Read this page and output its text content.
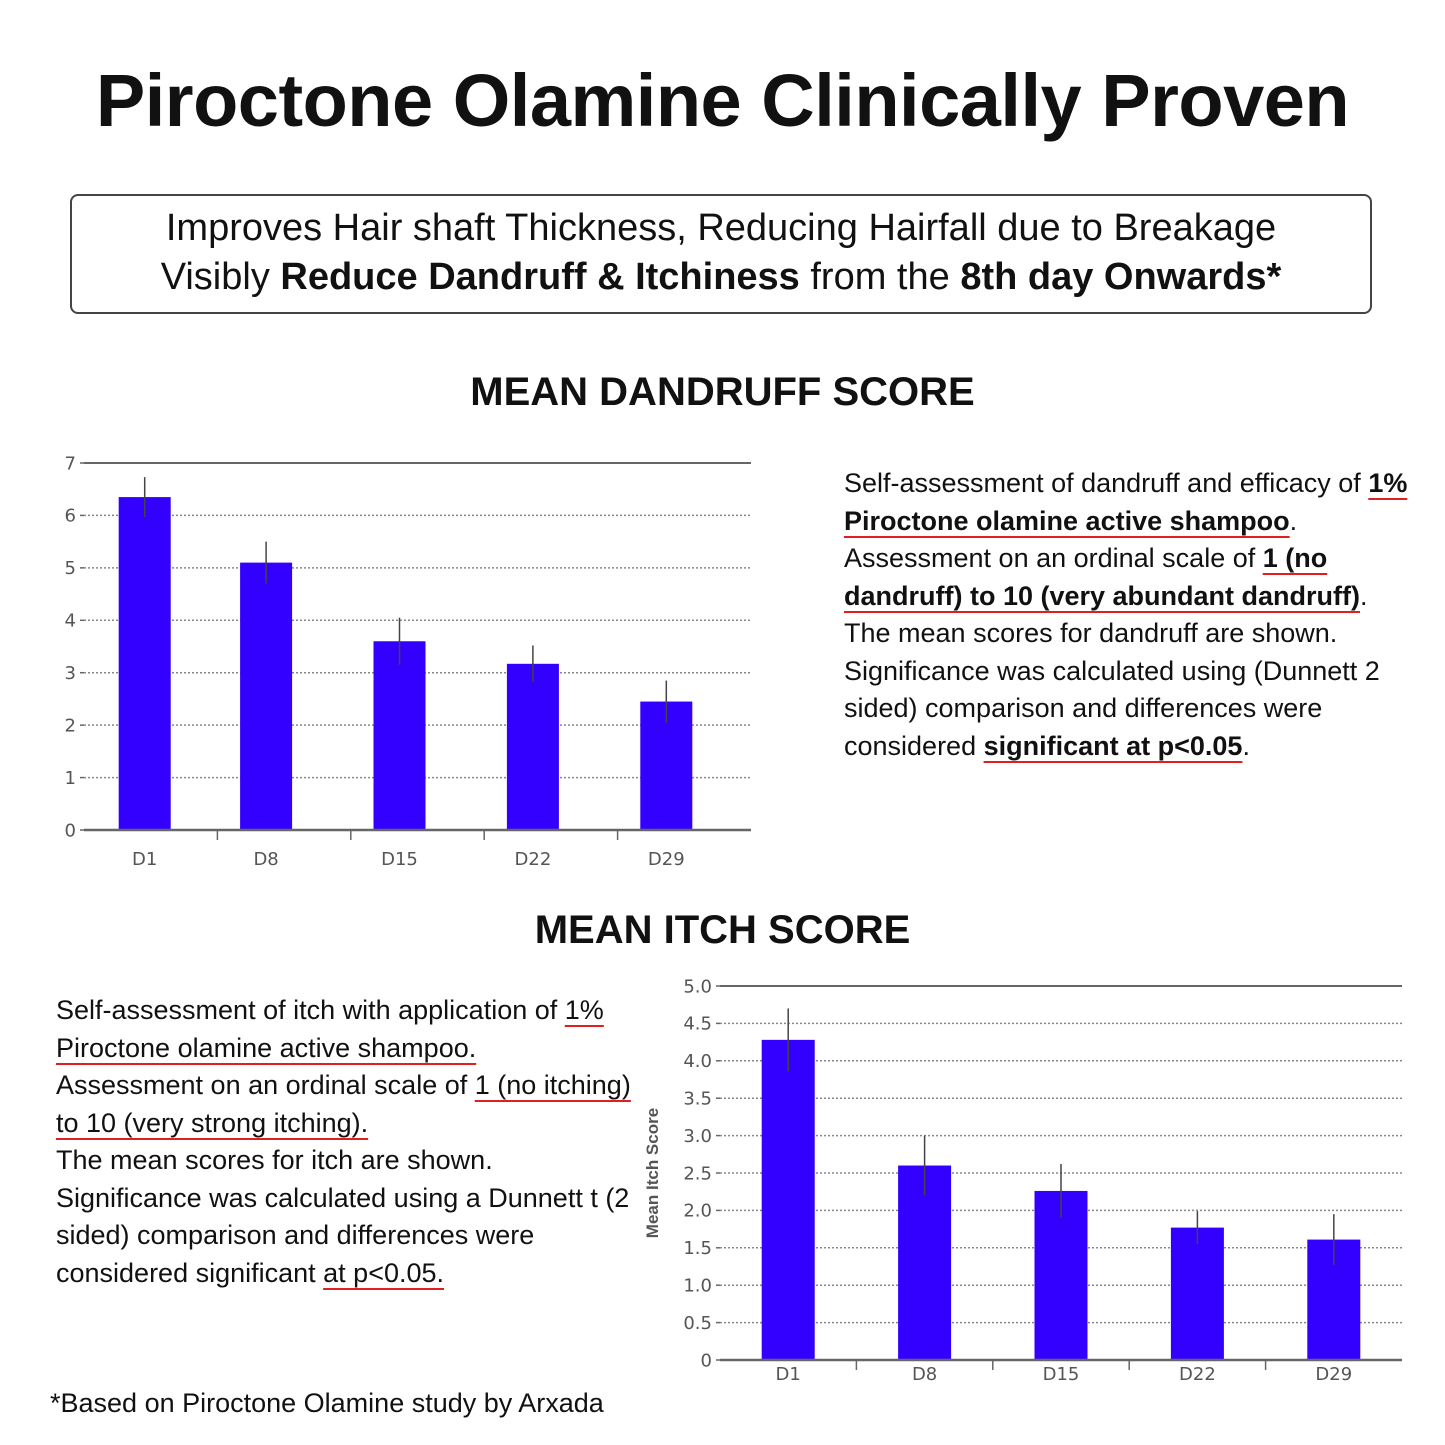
Piroctone Olamine Clinically Proven
Improves Hair shaft Thickness, Reducing Hairfall due to Breakage
Visibly Reduce Dandruff & Itchiness from the 8th day Onwards*
MEAN DANDRUFF SCORE
0
1
2
3
4
5
6
7
D1	D8	D15	D22	D29

Self-assessment of dandruff and efficacy of 1% Piroctone olamine active shampoo.
Assessment on an ordinal scale of 1 (no dandruff) to 10 (very abundant dandruff).
The mean scores for dandruff are shown. Significance was calculated using (Dunnett 2 sided) comparison and differences were considered significant at p<0.05.

MEAN ITCH SCORE

Self-assessment of itch with application of 1% Piroctone olamine active shampoo.
Assessment on an ordinal scale of 1 (no itching) to 10 (very strong itching).
The mean scores for itch are shown. Significance was calculated using a Dunnett t (2 sided) comparison and differences were considered significant at p<0.05.

0
0.5
1.0
1.5
2.0
2.5
3.0
3.5
4.0
4.5
5.0
D1	D8	D15	D22	D29
Mean Itch Score

*Based on Piroctone Olamine study by Arxada
